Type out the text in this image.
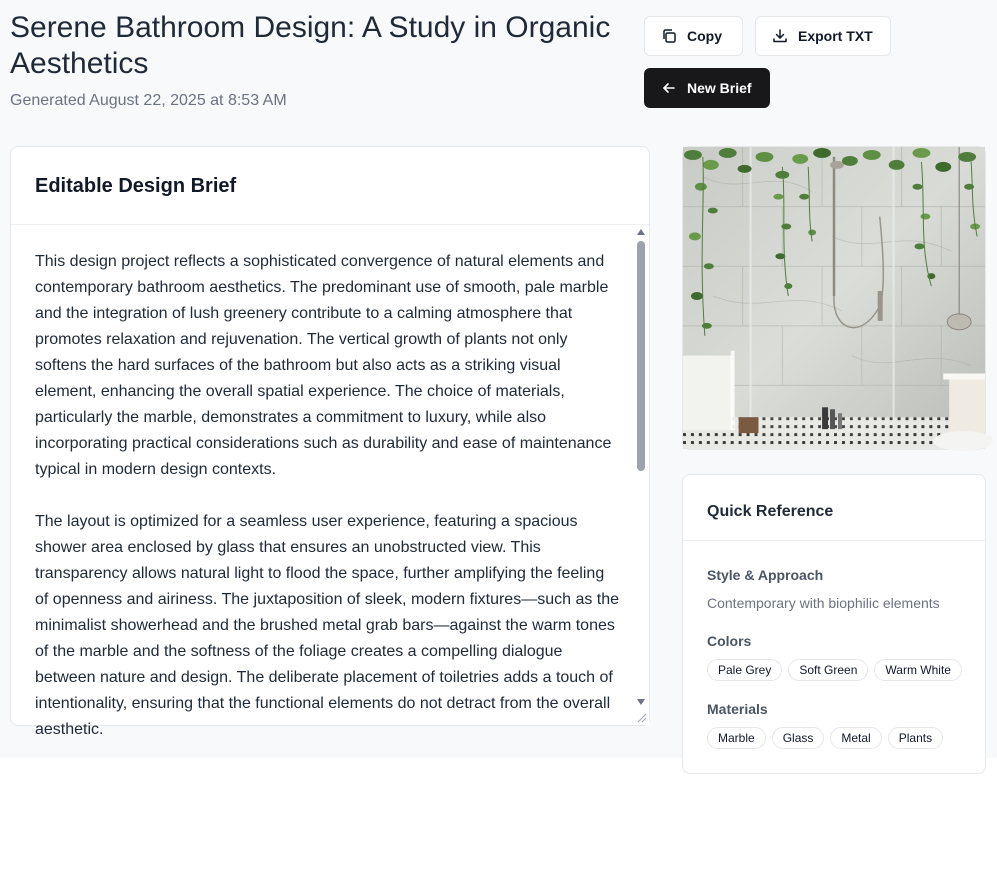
Serene Bathroom Design: A Study in Organic Aesthetics
Generated August 22, 2025 at 8:53 AM
Copy	Export TXT
New Brief
Editable Design Brief

This design project reflects a sophisticated convergence of natural elements and contemporary bathroom aesthetics. The predominant use of smooth, pale marble and the integration of lush greenery contribute to a calming atmosphere that promotes relaxation and rejuvenation. The vertical growth of plants not only softens the hard surfaces of the bathroom but also acts as a striking visual element, enhancing the overall spatial experience. The choice of materials, particularly the marble, demonstrates a commitment to luxury, while also incorporating practical considerations such as durability and ease of maintenance typical in modern design contexts.

The layout is optimized for a seamless user experience, featuring a spacious shower area enclosed by glass that ensures an unobstructed view. This transparency allows natural light to flood the space, further amplifying the feeling of openness and airiness. The juxtaposition of sleek, modern fixtures—such as the minimalist showerhead and the brushed metal grab bars—against the warm tones of the marble and the softness of the foliage creates a compelling dialogue between nature and design. The deliberate placement of toiletries adds a touch of intentionality, ensuring that the functional elements do not detract from the overall aesthetic.

Quick Reference
Style & Approach
Contemporary with biophilic elements
Colors
Pale Grey	Soft Green	Warm White
Materials
Marble	Glass	Metal	Plants
